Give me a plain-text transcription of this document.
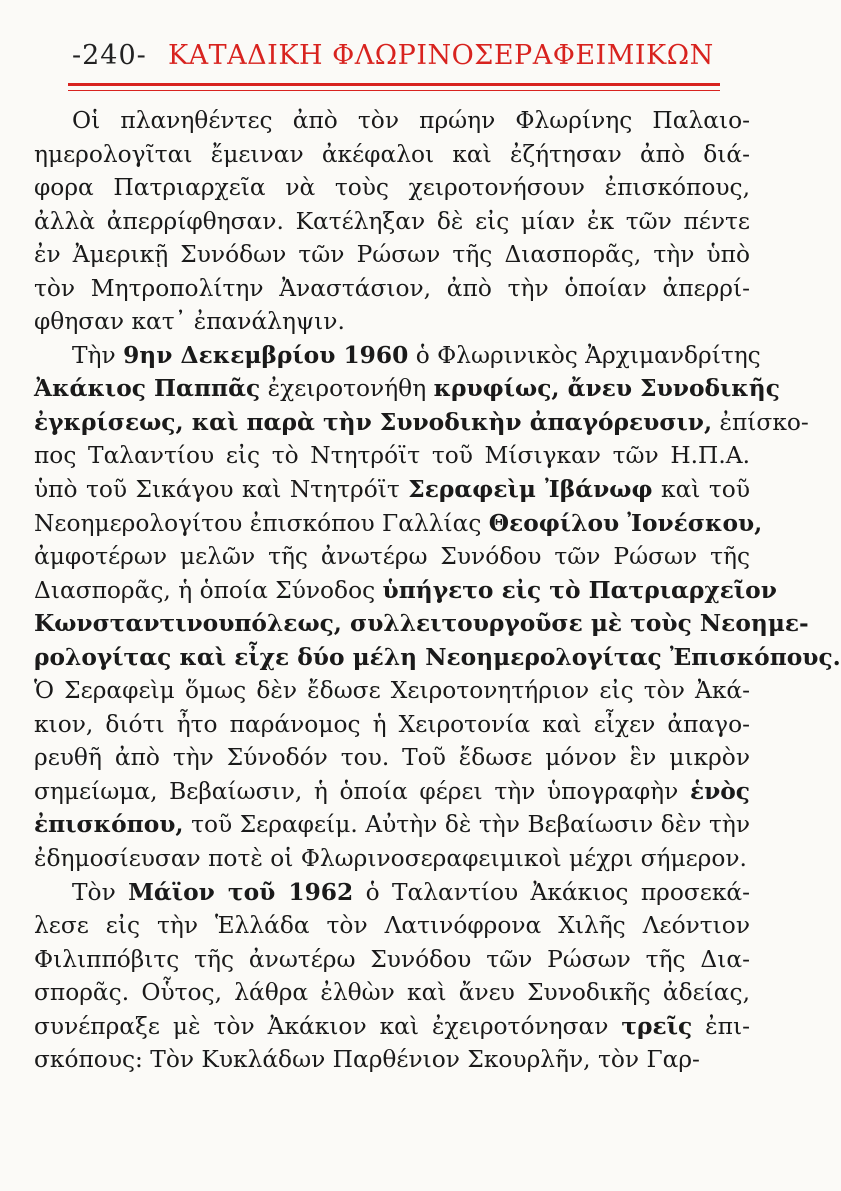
-240- ΚΑΤΑΔΙΚΗ ΦΛΩΡΙΝΟΣΕΡΑΦΕΙΜΙΚΩΝ
Οἱ πλανηθέντες ἀπὸ τὸν πρώην Φλωρίνης Παλαιο-
ημερολογῖται ἔμειναν ἀκέφαλοι καὶ ἐζήτησαν ἀπὸ διά-
φορα Πατριαρχεῖα νὰ τοὺς χειροτονήσουν ἐπισκόπους,
ἀλλὰ ἀπερρίφθησαν. Κατέληξαν δὲ εἰς μίαν ἐκ τῶν πέντε
ἐν Ἀμερικῇ Συνόδων τῶν Ρώσων τῆς Διασπορᾶς, τὴν ὑπὸ
τὸν Μητροπολίτην Ἀναστάσιον, ἀπὸ τὴν ὁποίαν ἀπερρί-
φθησαν κατ᾿ ἐπανάληψιν.
Τὴν 9ην Δεκεμβρίου 1960 ὁ Φλωρινικὸς Ἀρχιμανδρίτης
Ἀκάκιος Παππᾶς ἐχειροτονήθη κρυφίως, ἄνευ Συνοδικῆς
ἐγκρίσεως, καὶ παρὰ τὴν Συνοδικὴν ἀπαγόρευσιν, ἐπίσκο-
πος Ταλαντίου εἰς τὸ Ντητρόϊτ τοῦ Μίσιγκαν τῶν Η.Π.Α.
ὑπὸ τοῦ Σικάγου καὶ Ντητρόϊτ Σεραφεὶμ Ἰβάνωφ καὶ τοῦ
Νεοημερολογίτου ἐπισκόπου Γαλλίας Θεοφίλου Ἰονέσκου,
ἀμφοτέρων μελῶν τῆς ἀνωτέρω Συνόδου τῶν Ρώσων τῆς
Διασπορᾶς, ἡ ὁποία Σύνοδος ὑπήγετο εἰς τὸ Πατριαρχεῖον
Κωνσταντινουπόλεως, συλλειτουργοῦσε μὲ τοὺς Νεοημε-
ρολογίτας καὶ εἶχε δύο μέλη Νεοημερολογίτας Ἐπισκόπους.
Ὁ Σεραφεὶμ ὅμως δὲν ἔδωσε Χειροτονητήριον εἰς τὸν Ἀκά-
κιον, διότι ἦτο παράνομος ἡ Χειροτονία καὶ εἶχεν ἀπαγο-
ρευθῆ ἀπὸ τὴν Σύνοδόν του. Τοῦ ἔδωσε μόνον ἓν μικρὸν
σημείωμα, Βεβαίωσιν, ἡ ὁποία φέρει τὴν ὑπογραφὴν ἑνὸς
ἐπισκόπου, τοῦ Σεραφείμ. Αὐτὴν δὲ τὴν Βεβαίωσιν δὲν τὴν
ἐδημοσίευσαν ποτὲ οἱ Φλωρινοσεραφειμικοὶ μέχρι σήμερον.
Τὸν Μάϊον τοῦ 1962 ὁ Ταλαντίου Ἀκάκιος προσεκά-
λεσε εἰς τὴν Ἑλλάδα τὸν Λατινόφρονα Χιλῆς Λεόντιον
Φιλιππόβιτς τῆς ἀνωτέρω Συνόδου τῶν Ρώσων τῆς Δια-
σπορᾶς. Οὗτος, λάθρα ἐλθὼν καὶ ἄνευ Συνοδικῆς ἀδείας,
συνέπραξε μὲ τὸν Ἀκάκιον καὶ ἐχειροτόνησαν τρεῖς ἐπι-
σκόπους: Τὸν Κυκλάδων Παρθένιον Σκουρλῆν, τὸν Γαρ-
